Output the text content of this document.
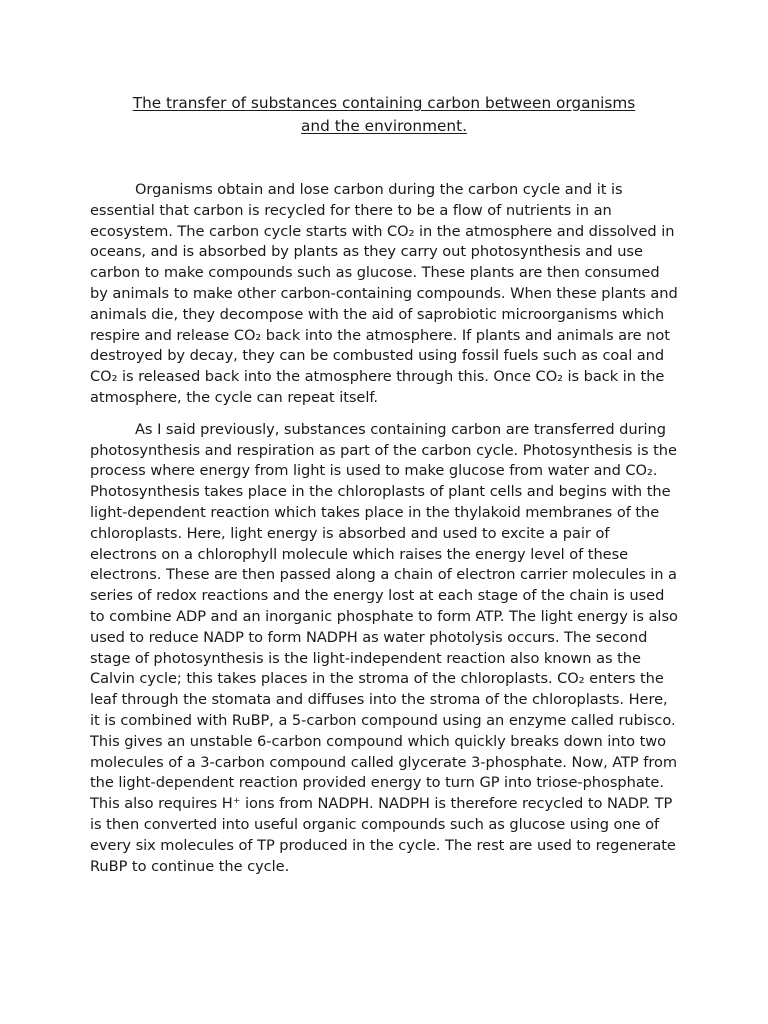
The transfer of substances containing carbon between organisms
and the environment.

Organisms obtain and lose carbon during the carbon cycle and it is essential that carbon is recycled for there to be a flow of nutrients in an ecosystem. The carbon cycle starts with CO₂ in the atmosphere and dissolved in oceans, and is absorbed by plants as they carry out photosynthesis and use carbon to make compounds such as glucose. These plants are then consumed by animals to make other carbon-containing compounds. When these plants and animals die, they decompose with the aid of saprobiotic microorganisms which respire and release CO₂ back into the atmosphere. If plants and animals are not destroyed by decay, they can be combusted using fossil fuels such as coal and CO₂ is released back into the atmosphere through this. Once CO₂ is back in the atmosphere, the cycle can repeat itself.

As I said previously, substances containing carbon are transferred during photosynthesis and respiration as part of the carbon cycle. Photosynthesis is the process where energy from light is used to make glucose from water and CO₂. Photosynthesis takes place in the chloroplasts of plant cells and begins with the light-dependent reaction which takes place in the thylakoid membranes of the chloroplasts. Here, light energy is absorbed and used to excite a pair of electrons on a chlorophyll molecule which raises the energy level of these electrons. These are then passed along a chain of electron carrier molecules in a series of redox reactions and the energy lost at each stage of the chain is used to combine ADP and an inorganic phosphate to form ATP. The light energy is also used to reduce NADP to form NADPH as water photolysis occurs. The second stage of photosynthesis is the light-independent reaction also known as the Calvin cycle; this takes places in the stroma of the chloroplasts. CO₂ enters the leaf through the stomata and diffuses into the stroma of the chloroplasts. Here, it is combined with RuBP, a 5-carbon compound using an enzyme called rubisco. This gives an unstable 6-carbon compound which quickly breaks down into two molecules of a 3-carbon compound called glycerate 3-phosphate. Now, ATP from the light-dependent reaction provided energy to turn GP into triose-phosphate. This also requires H⁺ ions from NADPH. NADPH is therefore recycled to NADP. TP is then converted into useful organic compounds such as glucose using one of every six molecules of TP produced in the cycle. The rest are used to regenerate RuBP to continue the cycle.
